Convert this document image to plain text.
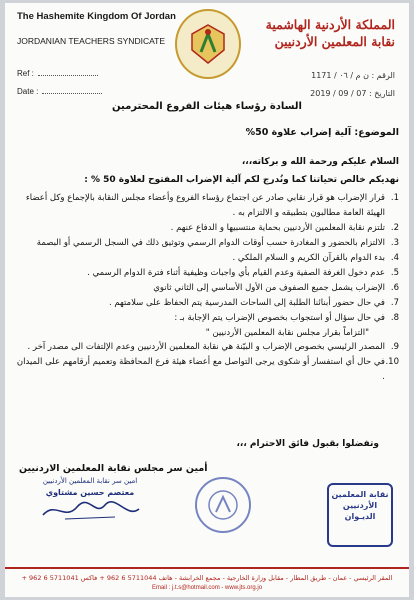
The Hashemite Kingdom Of Jordan
JORDANIAN TEACHERS SYNDICATE
Ref :
Date :
المملكة الأردنية الهاشمية
نقابة المعلمين الأردنيين
الرقم : ن م / ٠٦ / 1171
التاريخ : 07 / 09 / 2019
السادة رؤساء هيئات الفروع المحترمين
الموضوع: آلية إضراب علاوة 50%
السلام عليكم ورحمة الله و بركاته،،،
نهديكم خالص تحياتنا كما ونُدرج لكم آلية الإضراب المفتوح لعلاوة 50 % :
1.
قرار الإضراب هو قرار نقابي صادر عن اجتماع رؤساء الفروع وأعضاء مجلس النقابة بالإجماع وكل أعضاء الهيئة العامة مطالبون بتطبيقه و الالتزام به .
2.
تلتزم نقابة المعلمين الأردنيين بحماية منتسبيها و الدفاع عنهم .
3.
الالتزام بالحضور و المغادرة حسب أوقات الدوام الرسمي وتوثيق ذلك في السجل الرسمي أو البصمة
4.
بدء الدوام بالقرآن الكريم و السلام الملكي .
5.
عدم دخول الغرفة الصفية وعدم القيام بأي واجبات وظيفية أثناء فترة الدوام الرسمي .
6.
الإضراب يشمل جميع الصفوف من الأول الأساسي إلى الثاني ثانوي
7.
في حال حضور أبنائنا الطلبة إلى الساحات المدرسية يتم الحفاظ على سلامتهم .
8.
في حال سؤال أو استجواب بخصوص الإضراب يتم الإجابة بـ :
"التزاماً بقرار مجلس نقابة المعلمين الأردنيين "
9.
المصدر الرئيسي بخصوص الإضراب و البيّنة هي نقابة المعلمين الأردنيين وعدم الإلتفات الى مصدر آخر .
10.
في حال أي استفسار أو شكوى يرجى التواصل مع أعضاء هيئة فرع المحافظة وتعميم أرقامهم على الميدان .
وتفضلوا بقبول فائق الاحترام ،،،
أمين سر مجلس نقابة المعلمين الاردنيين
نقابة المعلمين
الأردنيين
الديـوان
امين سر نقابة المعلمين الأردنيين
معتصم حسين مشتاوي
المقر الرئيسي - عمان - طريق المطار - مقابل وزارة الخارجية - مجمع الخرابشة - هاتف 5711044 6 962 + فاكس 5711041 6 962 +
Email : j.t.s@hotmail.com - www.jts.org.jo
